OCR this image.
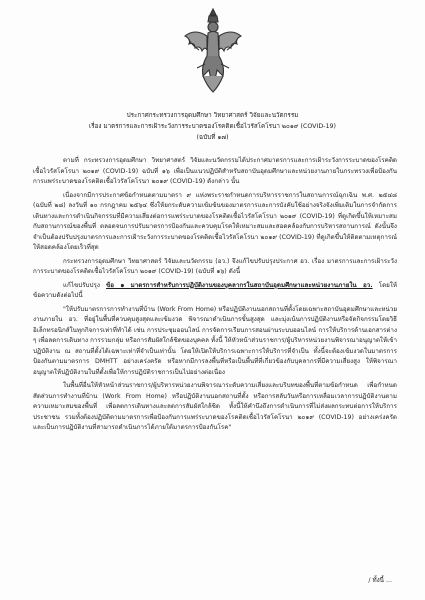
ประกาศกระทรวงการอุดมศึกษา วิทยาศาสตร์ วิจัยและนวัตกรรม
เรื่อง มาตรการและการเฝ้าระวังการระบาดของโรคติดเชื้อไวรัสโคโรนา ๒๐๑๙ (COVID-19)
(ฉบับที่ ๑๗)

ตามที่ กระทรวงการอุดมศึกษา วิทยาศาสตร์ วิจัยและนวัตกรรมได้ประกาศมาตรการและการเฝ้าระวังการระบาดของโรคติดเชื้อไวรัสโคโรนา ๒๐๑๙ (COVID-19) ฉบับที่ ๑๖ เพื่อเป็นแนวปฏิบัติสำหรับสถาบันอุดมศึกษาและหน่วยงานภายในกระทรวงเพื่อป้องกันการแพร่ระบาดของโรคติดเชื้อไวรัสโคโรนา ๒๐๑๙ (COVID-19) ดังกล่าว นั้น

เนื่องจากมีการประกาศข้อกำหนดตามมาตรา ๙ แห่งพระราชกำหนดการบริหารราชการในสถานการณ์ฉุกเฉิน พ.ศ. ๒๕๔๘ (ฉบับที่ ๒๘) ลงวันที่ ๑๐ กรกฎาคม ๒๕๖๔ ซึ่งให้ยกระดับความเข้มข้นของมาตรการและการบังคับใช้อย่างจริงจังเพิ่มเติมในการจำกัดการเดินทางและการดำเนินกิจกรรมที่มีความเสี่ยงต่อการแพร่ระบาดของโรคติดเชื้อไวรัสโคโรนา ๒๐๑๙ (COVID-19) ที่ดูเกิดขึ้นให้เหมาะสมกับสถานการณ์ของพื้นที่ ตลอดจนการปรับมาตรการป้องกันและควบคุมโรคให้เหมาะสมและสอดคล้องกับการบริหารสถานการณ์ ดังนั้นจึงจำเป็นต้องปรับปรุงมาตรการและการเฝ้าระวังการระบาดของโรคติดเชื้อไวรัสโคโรนา ๒๐๑๙ (COVID-19) ที่ดูเกิดขึ้นให้ติดตามเหตุการณ์ให้สอดคล้องโดยเร็วที่สุด

กระทรวงการอุดมศึกษา วิทยาศาสตร์ วิจัยและนวัตกรรม (อว.) จึงแก้ไขปรับปรุงประกาศ อว. เรื่อง มาตรการและการเฝ้าระวังการระบาดของโรคติดเชื้อไวรัสโคโรนา ๒๐๑๙ (COVID-19) (ฉบับที่ ๑๖) ดังนี้

แก้ไขปรับปรุง ข้อ ๑ มาตรการสำหรับการปฏิบัติงานของบุคลากรในสถาบันอุดมศึกษาและหน่วยงานภายใน อว. โดยให้ข้อความดังต่อไปนี้

"ให้ปรับมาตรการการทำงานที่บ้าน (Work From Home) หรือปฏิบัติงานนอกสถานที่ตั้งโดยเฉพาะสถาบันอุดมศึกษาและหน่วยงานภายใน อว. ที่อยู่ในพื้นที่ควบคุมสูงสุดและเข้มงวด พิจารณาดำเนินการขั้นสูงสุด และมุ่งเน้นการปฏิบัติงานหรือจัดกิจกรรมโดยวิธีอิเล็กทรอนิกส์ในทุกกิจการเท่าที่ทำได้ เช่น การประชุมออนไลน์ การจัดการเรียนการสอนผ่านระบบออนไลน์ การให้บริการด้านเอกสารต่าง ๆ เพื่อลดการเดินทาง การรวมกลุ่ม หรือการสัมผัสใกล้ชิดของบุคคล ทั้งนี้ ให้หัวหน้าส่วนราชการ/ผู้บริหารหน่วยงานพิจารณาอนุญาตให้เข้าปฏิบัติงาน ณ สถานที่ตั้งได้เฉพาะเท่าที่จำเป็นเท่านั้น โดยให้เปิดให้บริการเฉพาะการให้บริการที่จำเป็น ทั้งนี้จะต้องเข้มงวดในมาตรการป้องกันตามมาตรการ DMHTT อย่างเคร่งครัด หรือหากมีการลงพื้นที่หรือเป็นพื้นที่ที่เกี่ยวข้องกับบุคลากรที่มีความเสี่ยงสูง ให้พิจารณาอนุญาตให้ปฏิบัติงานในที่ตั้งเพื่อให้การปฏิบัติราชการเป็นไปอย่างต่อเนื่อง

ในพื้นที่อื่นให้หัวหน้าส่วนราชการ/ผู้บริหารหน่วยงานพิจารณาระดับความเสี่ยงและบริบทของพื้นที่ตามข้อกำหนด เพื่อกำหนดสัดส่วนการทำงานที่บ้าน (Work From Home) หรือปฏิบัติงานนอกสถานที่ตั้ง หรือการสลับวันหรือการเหลื่อมเวลาการปฏิบัติงานตามความเหมาะสมของพื้นที่ เพื่อลดการเดินทางและลดการสัมผัสใกล้ชิด ทั้งนี้ให้คำนึงถึงการดำเนินการที่ไม่ส่งผลกระทบต่อการให้บริการประชาชน รวมทั้งต้องปฏิบัติตามมาตรการเพื่อป้องกันการแพร่ระบาดของโรคติดเชื้อไวรัสโคโรนา ๒๐๑๙ (COVID-19) อย่างเคร่งครัด และเป็นการปฏิบัติงานที่สามารถดำเนินการได้ภายใต้มาตรการป้องกันโรค"

/ ทั้งนี้ ...
